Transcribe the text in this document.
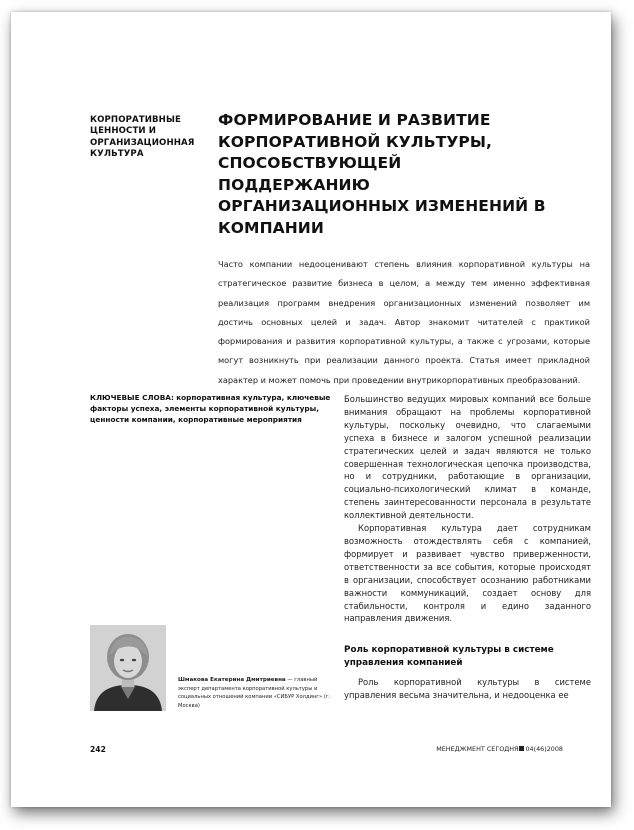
КОРПОРАТИВНЫЕ ЦЕННОСТИ И ОРГАНИЗАЦИОННАЯ КУЛЬТУРА
ФОРМИРОВАНИЕ И РАЗВИТИЕ КОРПОРАТИВНОЙ КУЛЬТУРЫ, СПОСОБСТВУЮЩЕЙ ПОДДЕРЖАНИЮ ОРГАНИЗАЦИОННЫХ ИЗМЕНЕНИЙ В КОМПАНИИ
Часто компании недооценивают степень влияния корпоративной культуры на стратегическое развитие бизнеса в целом, а между тем именно эффективная реализация программ внедрения организационных изменений позволяет им достичь основных целей и задач. Автор знакомит читателей с практикой формирования и развития корпоративной культуры, а также с угрозами, которые могут возникнуть при реализации данного проекта. Статья имеет прикладной характер и может помочь при проведении внутрикорпоративных преобразований.
КЛЮЧЕВЫЕ СЛОВА: корпоративная культура, ключевые факторы успеха, элементы корпоративной культуры, ценности компании, корпоративные мероприятия

Большинство ведущих мировых компаний все больше внимания обращают на проблемы корпоративной культуры, поскольку очевидно, что слагаемыми успеха в бизнесе и залогом успешной реализации стратегических целей и задач являются не только совершенная технологическая цепочка производства, но и сотрудники, работающие в организации, социально-психологический климат в команде, степень заинтересованности персонала в результате коллективной деятельности.

Корпоративная культура дает сотрудникам возможность отождествлять себя с компанией, формирует и развивает чувство приверженности, ответственности за все события, которые происходят в организации, способствует осознанию работниками важности коммуникаций, создает основу для стабильности, контроля и едино заданного направления движения.

Роль корпоративной культуры в системе управления компанией

Роль корпоративной культуры в системе управления весьма значительна, и недооценка ее

Шмакова Екатерина Дмитриевна — главный эксперт департамента корпоративной культуры и социальных отношений компании «СИБУР Холдинг» (г. Москва)
242	МЕНЕДЖМЕНТ СЕГОДНЯ 04(46)2008
